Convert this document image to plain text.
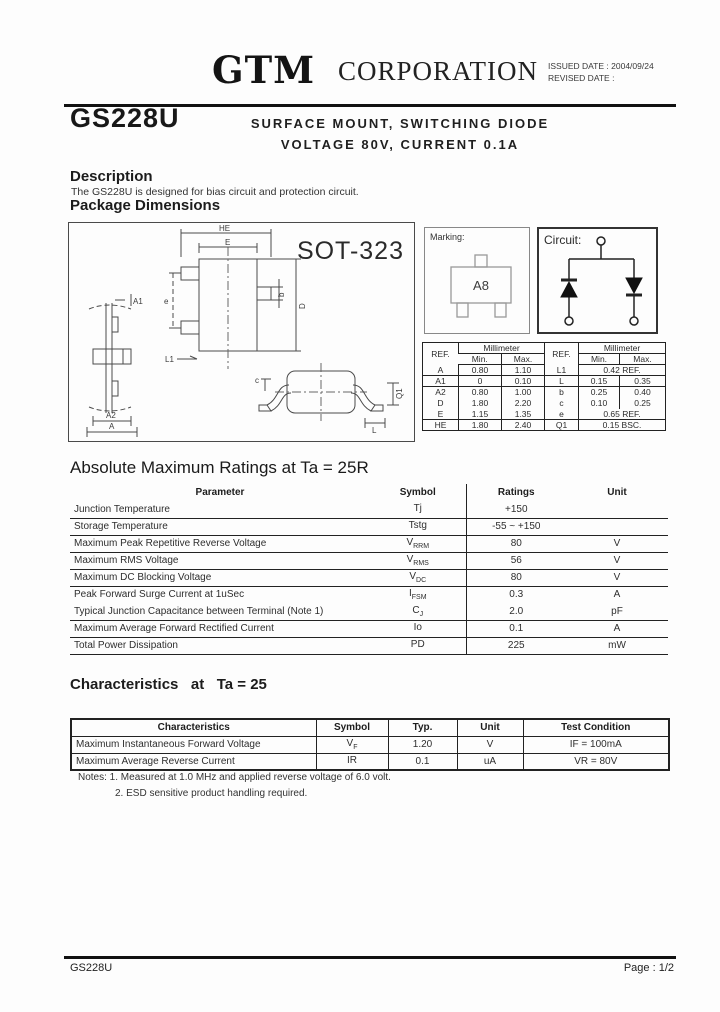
GTM CORPORATION ISSUED DATE : 2004/09/24
REVISED DATE :
GS228U	SURFACE MOUNT, SWITCHING DIODE
VOLTAGE 80V, CURRENT 0.1A
Description
The GS228U is designed for bias circuit and protection circuit.
Package Dimensions
SOT-323
A1
A2
A
HE
E
e
b
D
L1
c
Q1
L
Marking:
A8
Circuit:
REF.	Millimeter		REF.	Millimeter	
	Min.	Max.		Min.	Max.
A	0.80	1.10	L1	0.42 REF.	
A1	0	0.10	L	0.15	0.35
A2	0.80	1.00	b	0.25	0.40
D	1.80	2.20	c	0.10	0.25
E	1.15	1.35	e	0.65 REF.	
HE	1.80	2.40	Q1	0.15 BSC.	
Absolute Maximum Ratings at Ta = 25R
Parameter	Symbol	Ratings	Unit
Junction Temperature	Tj	+150	
Storage Temperature	Tstg	-55 ~ +150	
Maximum Peak Repetitive Reverse Voltage	$V_{RRM}$	80	V
Maximum RMS Voltage	$V_{RMS}$	56	V
Maximum DC Blocking Voltage	$V_{DC}$	80	V
Peak Forward Surge Current at 1uSec	$I_{FSM}$	0.3	A
Typical Junction Capacitance between Terminal (Note 1)	$C_J$	2.0	pF
Maximum Average Forward Rectified Current	Io	0.1	A
Total Power Dissipation	PD	225	mW
Characteristics   at   Ta = 25
Characteristics	Symbol	Typ.	Unit	Test Condition
Maximum Instantaneous Forward Voltage	$V_F$	1.20	V	IF = 100mA
Maximum Average Reverse Current	IR	0.1	uA	VR = 80V
Notes: 1. Measured at 1.0 MHz and applied reverse voltage of 6.0 volt.
2. ESD sensitive product handling required.
GS228U	Page : 1/2
